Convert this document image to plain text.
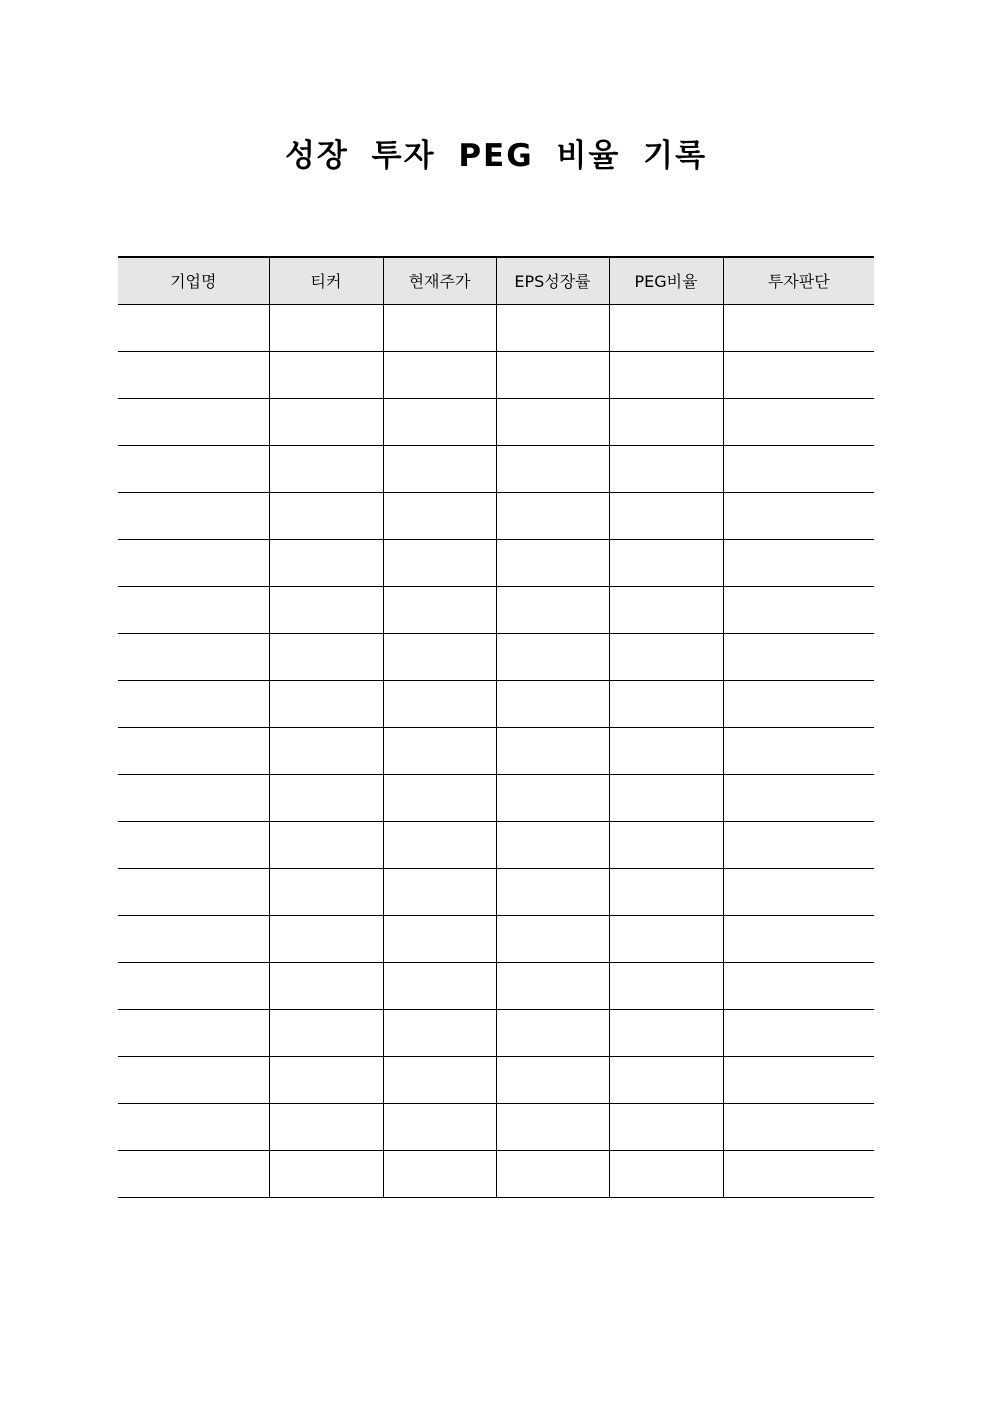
성장 투자 PEG 비율 기록
기업명	티커	현재주가	EPS성장률	PEG비율	투자판단
